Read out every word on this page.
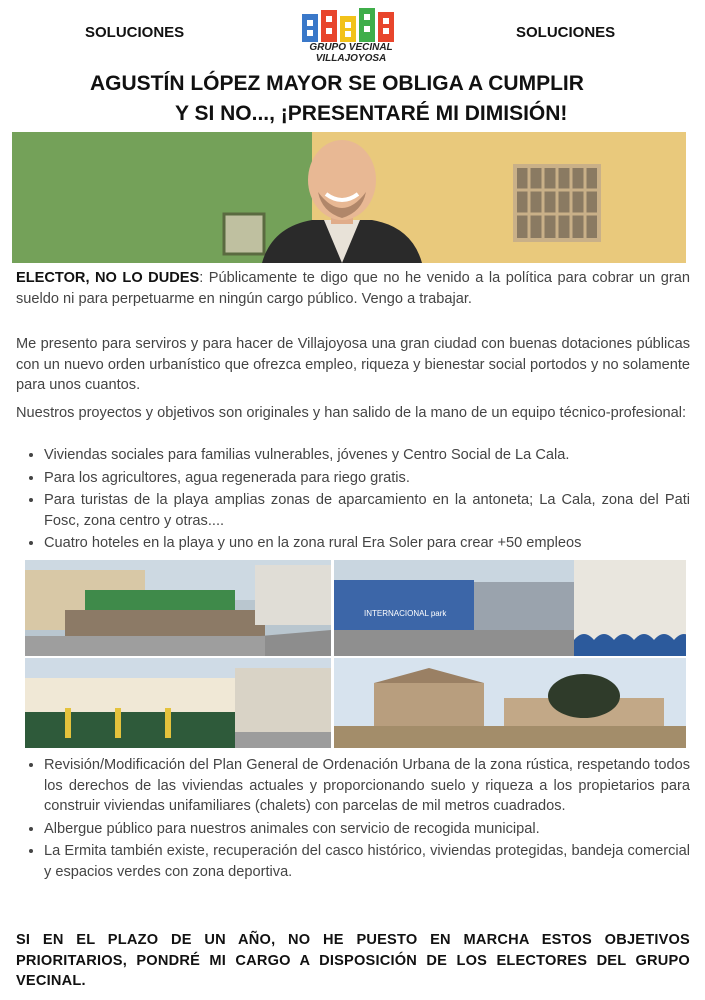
SOLUCIONES	SOLUCIONES
GRUPO VECINAL
VILLAJOYOSA
AGUSTÍN LÓPEZ MAYOR SE OBLIGA A CUMPLIR
Y SI NO..., ¡PRESENTARÉ MI DIMISIÓN!
ELECTOR, NO LO DUDES: Públicamente te digo que no he venido a la política para cobrar un gran sueldo ni para perpetuarme en ningún cargo público. Vengo a trabajar.
Me presento para serviros y para hacer de Villajoyosa una gran ciudad con buenas dotaciones públicas con un nuevo orden urbanístico que ofrezca empleo, riqueza y bienestar social portodos y no solamente para unos cuantos.
Nuestros proyectos y objetivos son originales y han salido de la mano de un equipo técnico-profesional:
• Viviendas sociales para familias vulnerables, jóvenes y Centro Social de La Cala.
• Para los agricultores, agua regenerada para riego gratis.
• Para turistas de la playa amplias zonas de aparcamiento en la antoneta; La Cala, zona del Pati Fosc, zona centro y otras....
• Cuatro hoteles en la playa y uno en la zona rural Era Soler para crear +50 empleos
INTERNACIONAL park
• Revisión/Modificación del Plan General de Ordenación Urbana de la zona rústica, respetando todos los derechos de las viviendas actuales y proporcionando suelo y riqueza a los propietarios para construir viviendas unifamiliares (chalets) con parcelas de mil metros cuadrados.
• Albergue público para nuestros animales con servicio de recogida municipal.
• La Ermita también existe, recuperación del casco histórico, viviendas protegidas, bandeja comercial y espacios verdes con zona deportiva.
SI EN EL PLAZO DE UN AÑO, NO HE PUESTO EN MARCHA ESTOS OBJETIVOS PRIORITARIOS, PONDRÉ MI CARGO A DISPOSICIÓN DE LOS ELECTORES DEL GRUPO VECINAL.
